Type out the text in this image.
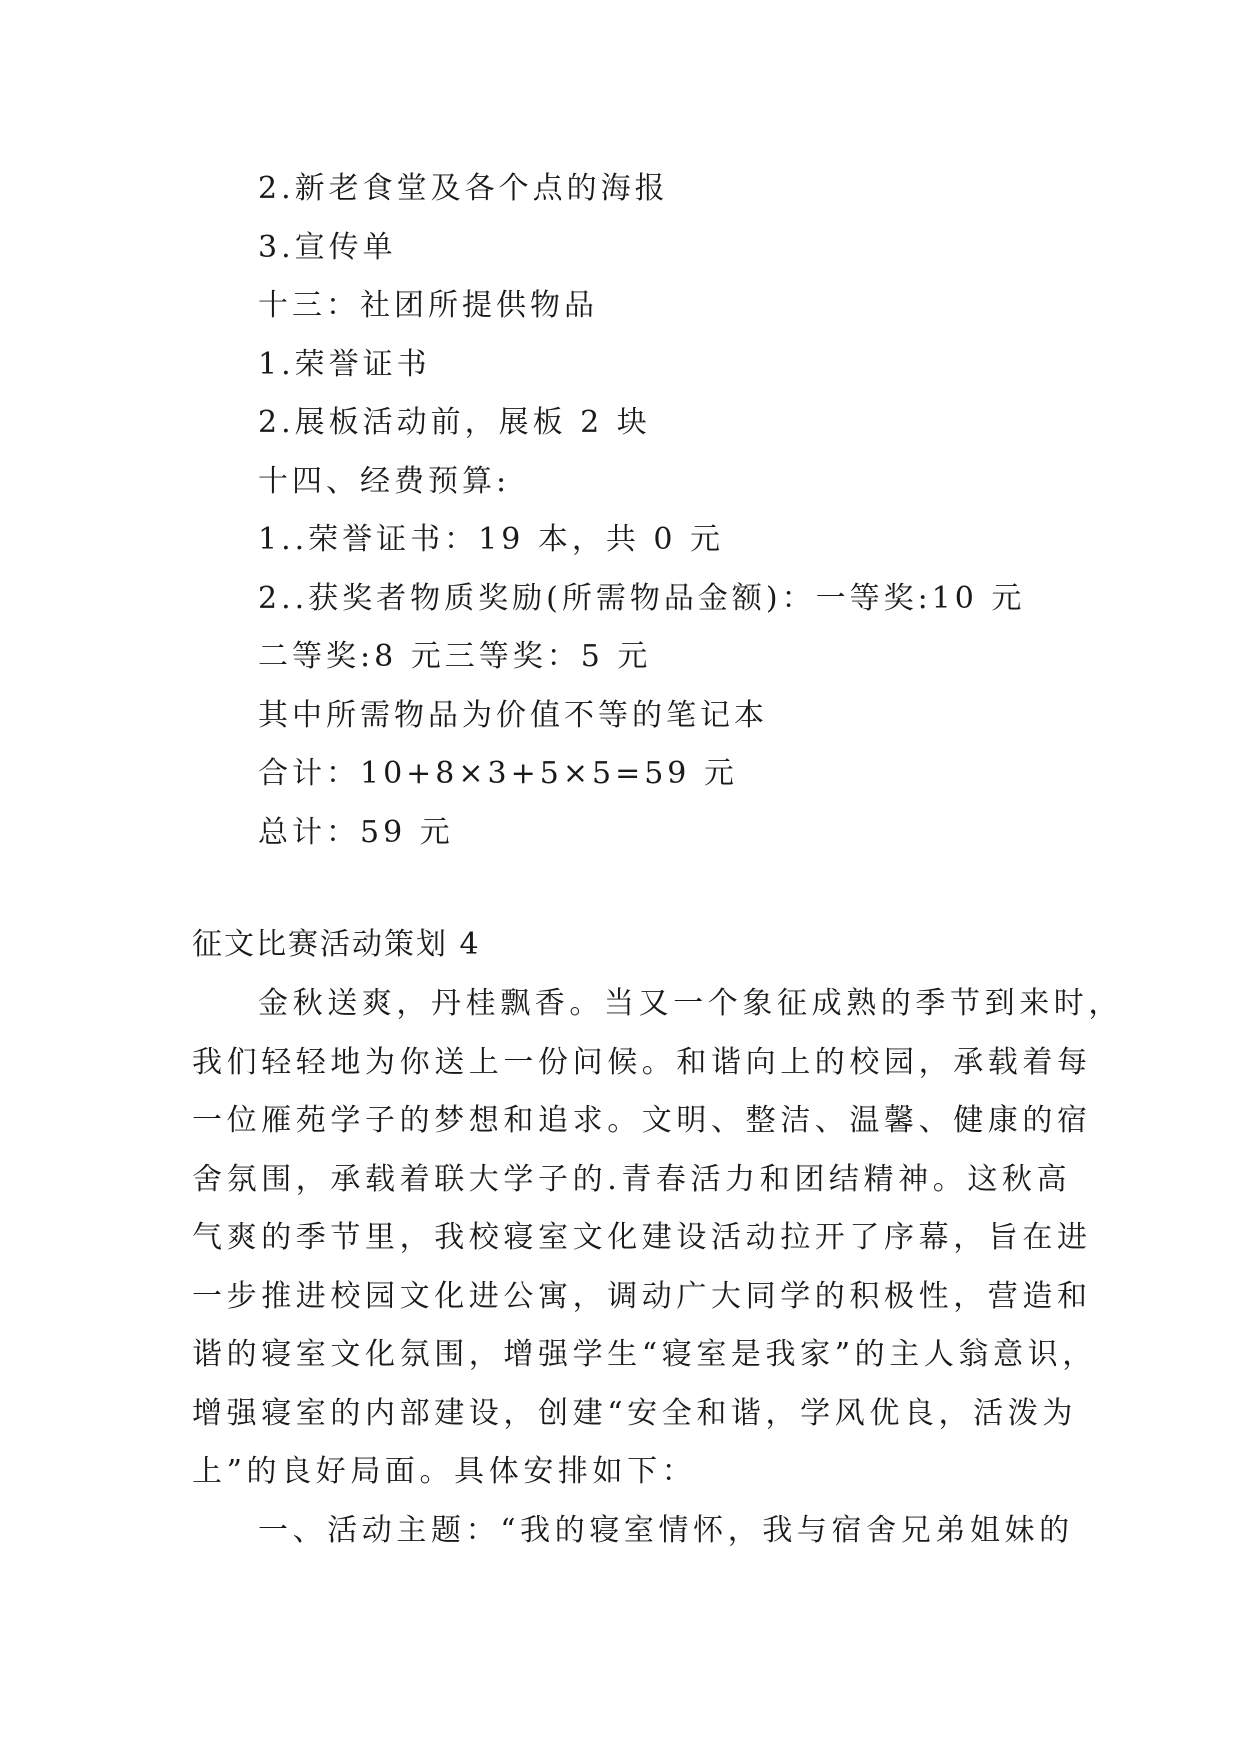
2.新老食堂及各个点的海报
3.宣传单
十三：社团所提供物品
1.荣誉证书
2.展板活动前，展板 2 块
十四、经费预算:
1..荣誉证书：19 本，共 0 元
2..获奖者物质奖励(所需物品金额)：一等奖:10 元
二等奖:8 元三等奖：5 元
其中所需物品为价值不等的笔记本
合计：10+8×3+5×5=59 元
总计：59 元
征文比赛活动策划 4
金秋送爽，丹桂飘香。当又一个象征成熟的季节到来时，
我们轻轻地为你送上一份问候。和谐向上的校园，承载着每
一位雁苑学子的梦想和追求。文明、整洁、温馨、健康的宿
舍氛围，承载着联大学子的.青春活力和团结精神。这秋高
气爽的季节里，我校寝室文化建设活动拉开了序幕，旨在进
一步推进校园文化进公寓，调动广大同学的积极性，营造和
谐的寝室文化氛围，增强学生“寝室是我家”的主人翁意识，
增强寝室的内部建设，创建“安全和谐，学风优良，活泼为
上”的良好局面。具体安排如下：
一、活动主题：“我的寝室情怀，我与宿舍兄弟姐妹的
